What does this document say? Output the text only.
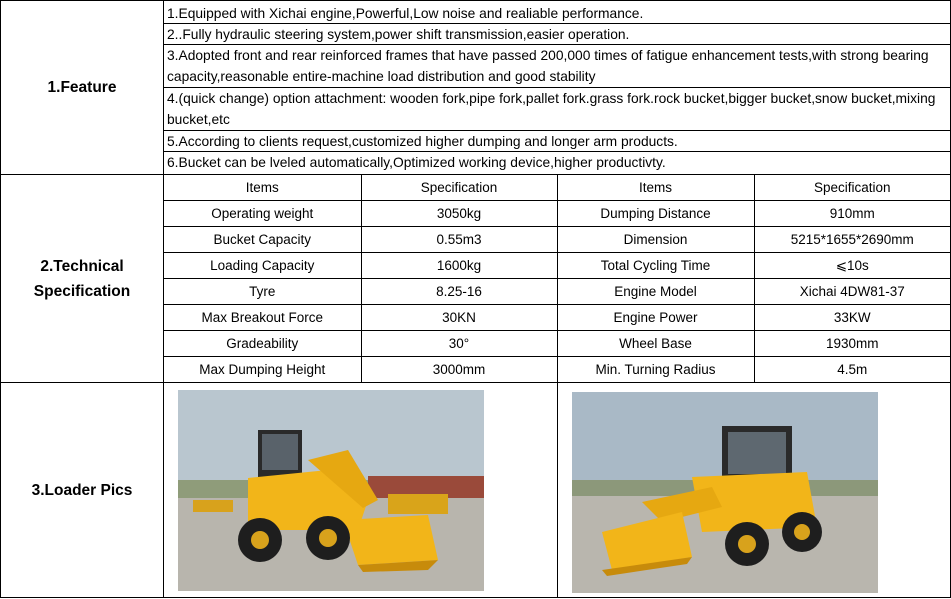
1.Feature	
1.Equipped with Xichai engine,Powerful,Low noise and realiable performance.
2..Fully hydraulic steering system,power shift transmission,easier operation.
3.Adopted front and rear reinforced frames that have passed 200,000 times of fatigue enhancement tests,with strong bearing capacity,reasonable entire-machine load distribution and good stability
4.(quick change) option attachment: wooden fork,pipe fork,pallet fork.grass fork.rock bucket,bigger bucket,snow bucket,mixing bucket,etc
5.According to clients request,customized higher dumping and longer arm products.
6.Bucket can be lveled automatically,Optimized working device,higher productivty.

2.Technical
Specification	
Items	Specification	Items	Specification
Operating weight	3050kg	Dumping Distance	910mm
Bucket Capacity	0.55m3	Dimension	5215*1655*2690mm
Loading Capacity	1600kg	Total Cycling Time	⩽10s
Tyre	8.25-16	Engine Model	Xichai 4DW81-37
Max Breakout Force	30KN	Engine Power	33KW
Gradeability	30°	Wheel Base	1930mm
Max Dumping Height	3000mm	Min. Turning Radius	4.5m

3.Loader Pics	
